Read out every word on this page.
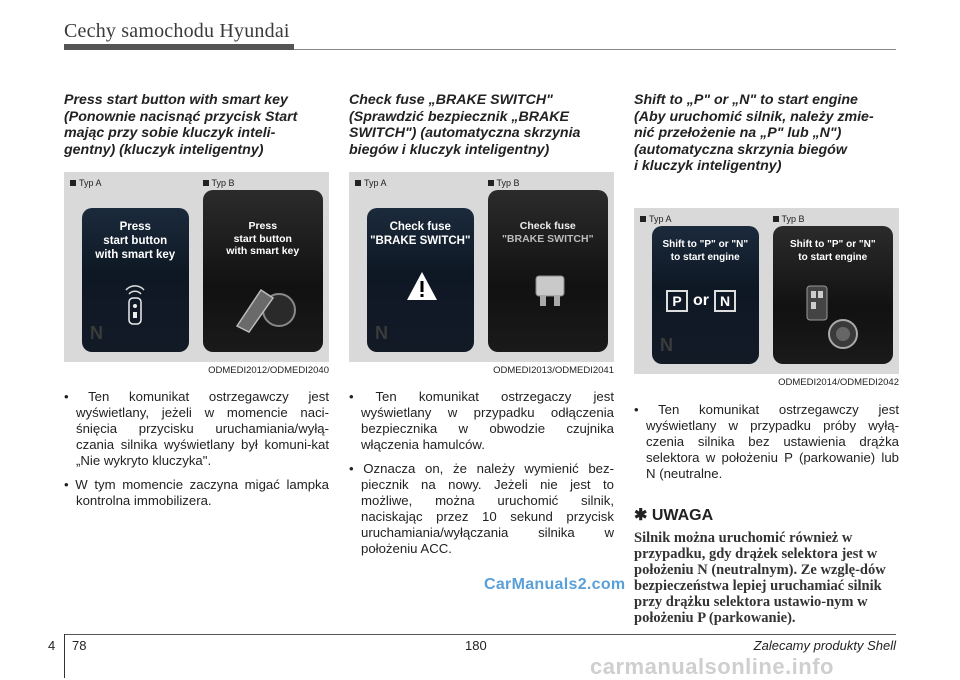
Cechy samochodu Hyundai
Press start button with smart key
(Ponownie nacisnąć przycisk Start
mając przy sobie kluczyk inteli-
gentny) (kluczyk inteligentny)
Typ A
Press
start button
with smart key
N
Typ B
Press
start button
with smart key
ODMEDI2012/ODMEDI2040

• Ten komunikat ostrzegawczy jest wyświetlany, jeżeli w momencie naci-śnięcia przycisku uruchamiania/wyłą-czania silnika wyświetlany był komuni-kat „Nie wykryto kluczyka".

• W tym momencie zaczyna migać lampka kontrolna immobilizera.

Check fuse „BRAKE SWITCH"
(Sprawdzić bezpiecznik „BRAKE
SWITCH") (automatyczna skrzynia
biegów i kluczyk inteligentny)
Typ A
Check fuse
"BRAKE SWITCH"
N
Typ B
Check fuse
"BRAKE SWITCH"
ODMEDI2013/ODMEDI2041

• Ten komunikat ostrzegaczy jest wyświetlany w przypadku odłączenia bezpiecznika w obwodzie czujnika włączenia hamulców.

• Oznacza on, że należy wymienić bez-piecznik na nowy. Jeżeli nie jest to możliwe, można uruchomić silnik, naciskając przez 10 sekund przycisk uruchamiania/wyłączania silnika w położeniu ACC.

Shift to „P" or „N" to start engine
(Aby uruchomić silnik, należy zmie-
nić przełożenie na „P" lub „N")
(automatyczna skrzynia biegów
i kluczyk inteligentny)
Typ A
Shift to "P" or "N"
to start engine
P or N
N
Typ B
Shift to "P" or "N"
to start engine
ODMEDI2014/ODMEDI2042

• Ten komunikat ostrzegawczy jest wyświetlany w przypadku próby wyłą-czenia silnika bez ustawienia drążka selektora w położeniu P (parkowanie) lub N (neutralne.

✱ UWAGA
Silnik można uruchomić również w przypadku, gdy drążek selektora jest w położeniu N (neutralnym). Ze wzglę-dów bezpieczeństwa lepiej uruchamiać silnik przy drążku selektora ustawio-nym w położeniu P (parkowanie).
CarManuals2.com
4 78	180	Zalecamy produkty Shell
carmanualsonline.info
